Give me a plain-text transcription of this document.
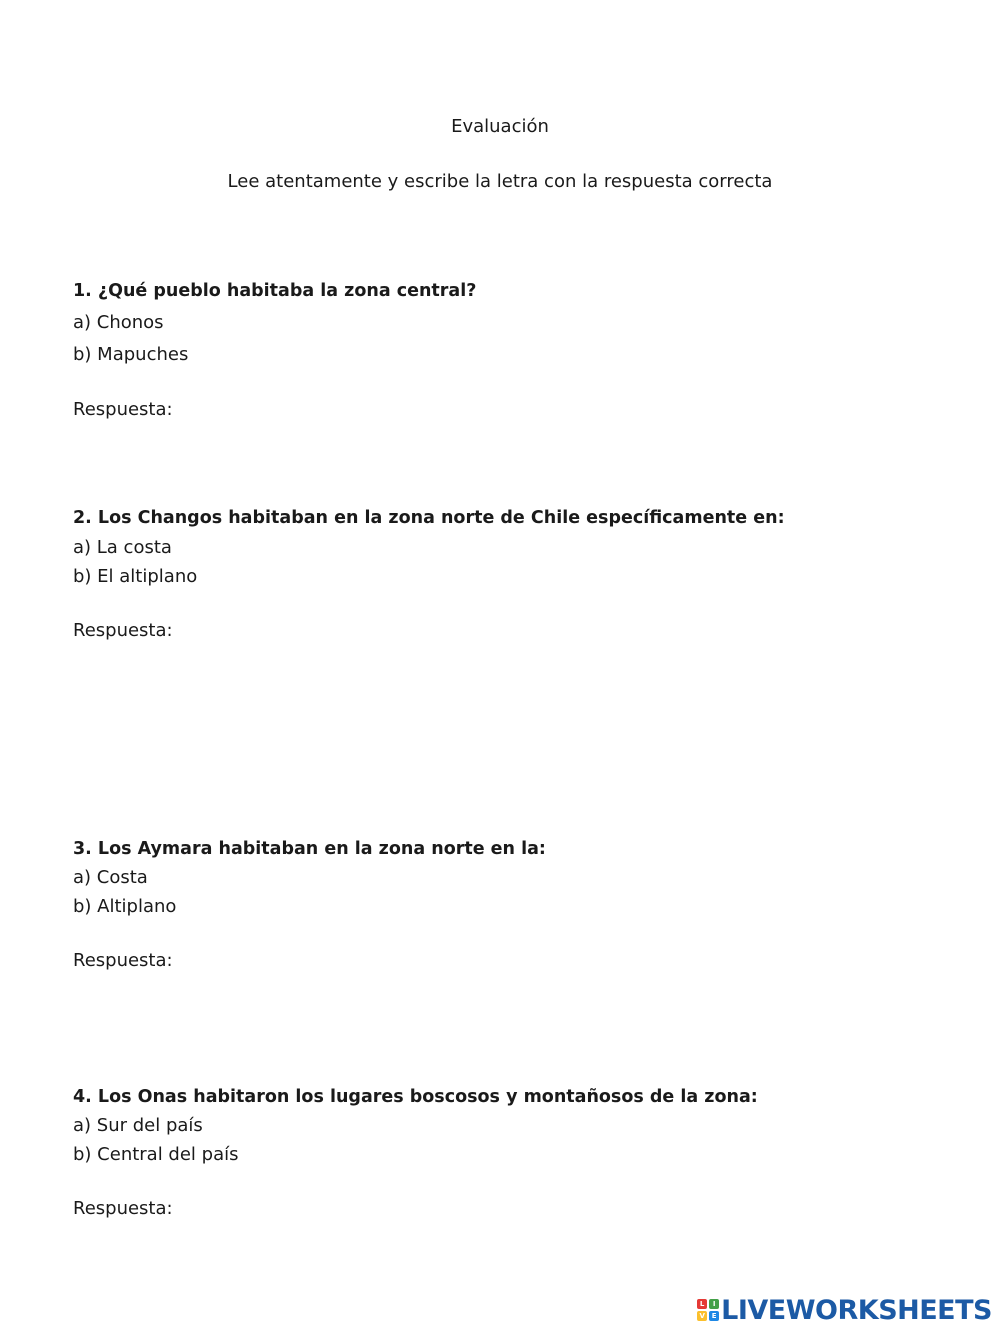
Evaluación
Lee atentamente y escribe la letra con la respuesta correcta
1. ¿Qué pueblo habitaba la zona central?
a) Chonos
b) Mapuches
Respuesta:
2. Los Changos habitaban en la zona norte de Chile específicamente en:
a) La costa
b) El altiplano
Respuesta:
3. Los Aymara habitaban en la zona norte en la:
a) Costa
b) Altiplano
Respuesta:
4. Los Onas habitaron los lugares boscosos y montañosos de la zona:
a) Sur del país
b) Central del país
Respuesta:
L	I
V E LIVEWORKSHEETS
